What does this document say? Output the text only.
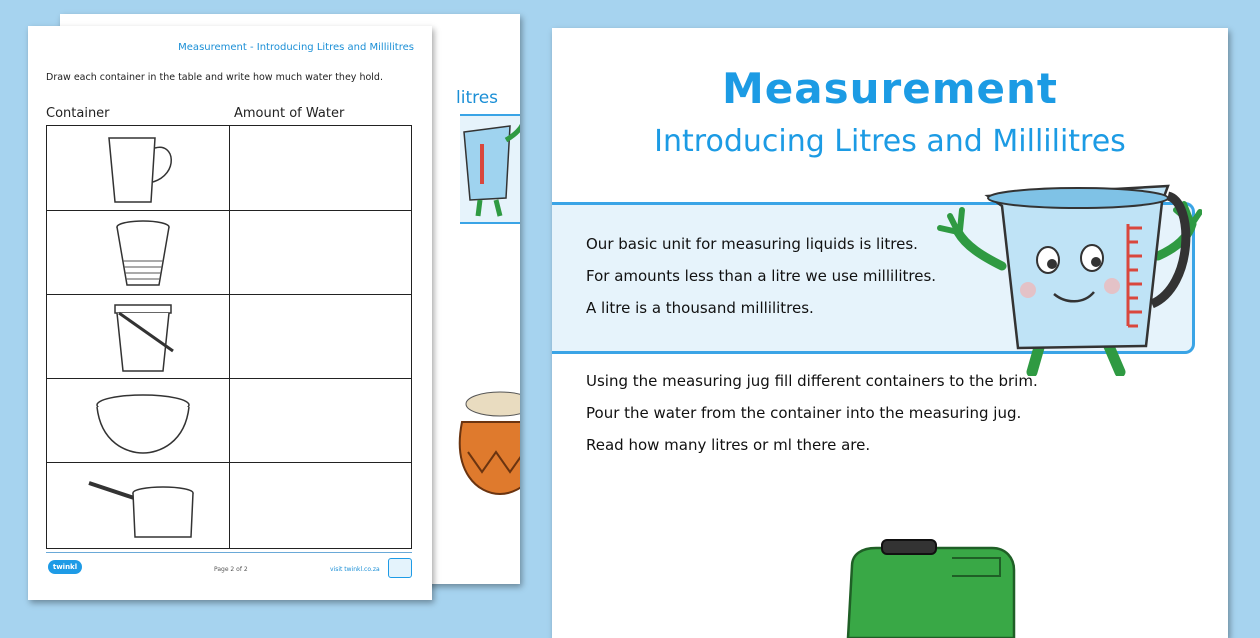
litres
Measurement - Introducing Litres and Millilitres
Draw each container in the table and write how much water they hold.
Container	Amount of Water
twinkl	Page 2 of 2	visit twinkl.co.za
Measurement
Introducing Litres and Millilitres
Our basic unit for measuring liquids is litres.
For amounts less than a litre we use millilitres.
A litre is a thousand millilitres.
Using the measuring jug fill different containers to the brim.
Pour the water from the container into the measuring jug.
Read how many litres or ml there are.
